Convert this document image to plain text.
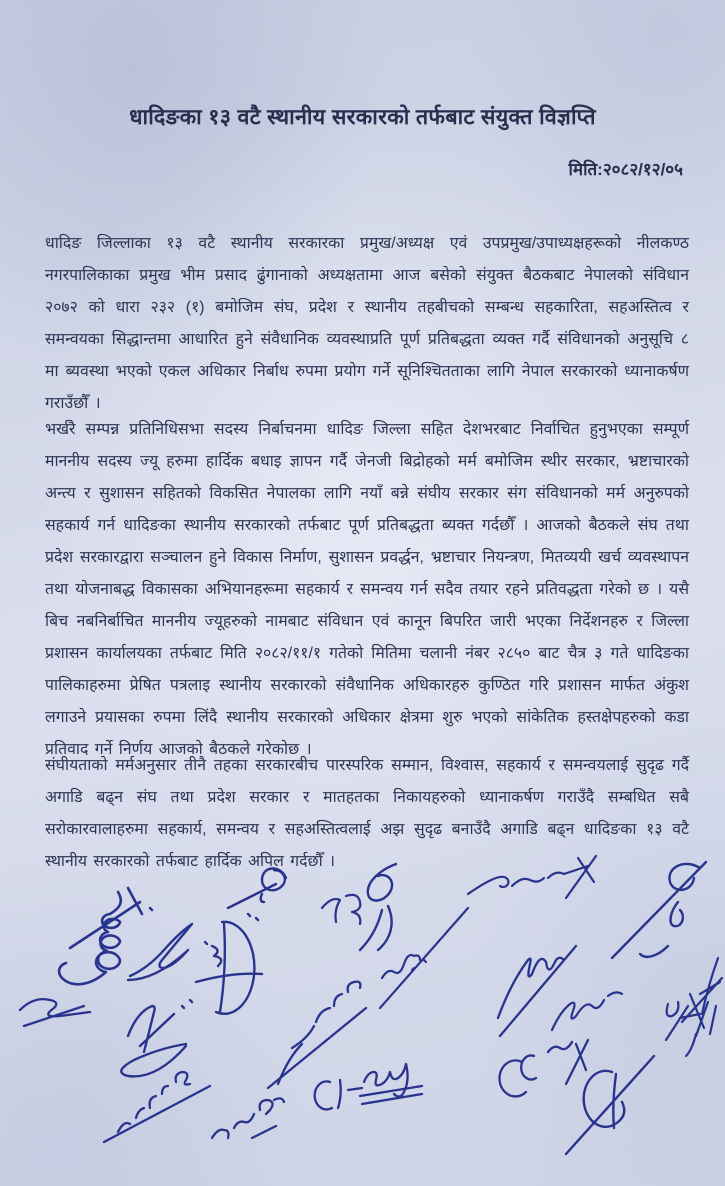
धादिङका १३ वटै स्थानीय सरकारको तर्फबाट संयुक्त विज्ञप्ति
मिति:२०८२/१२/०५

धादिङ जिल्लाका १३ वटै स्थानीय सरकारका प्रमुख/अध्यक्ष एवं उपप्रमुख/उपाध्यक्षहरूको नीलकण्ठ नगरपालिकाका प्रमुख भीम प्रसाद ढुंगानाको अध्यक्षतामा आज बसेको संयुक्त बैठकबाट नेपालको संविधान २०७२ को धारा २३२ (१) बमोजिम संघ, प्रदेश र स्थानीय तहबीचको सम्बन्ध सहकारिता, सहअस्तित्व र समन्वयका सिद्धान्तमा आधारित हुने संवैधानिक व्यवस्थाप्रति पूर्ण प्रतिबद्धता व्यक्त गर्दै संविधानको अनुसूचि ८ मा ब्यवस्था भएको एकल अधिकार निर्बाध रुपमा प्रयोग गर्ने सूनिश्चितताका लागि नेपाल सरकारको ध्यानाकर्षण गराउँछौँ ।

भर्खरै सम्पन्न प्रतिनिधिसभा सदस्य निर्बाचनमा धादिङ जिल्ला सहित देशभरबाट निर्वाचित हुनुभएका सम्पूर्ण माननीय सदस्य ज्यू हरुमा हार्दिक बधाइ ज्ञापन गर्दै जेनजी बिद्रोहको मर्म बमोजिम स्थीर सरकार, भ्रष्टाचारको अन्त्य र सुशासन सहितको विकसित नेपालका लागि नयाँ बन्ने संघीय सरकार संग संविधानको मर्म अनुरुपको सहकार्य गर्न धादिङका स्थानीय सरकारको तर्फबाट पूर्ण प्रतिबद्धता ब्यक्त गर्दछौँ । आजको बैठकले संघ तथा प्रदेश सरकारद्वारा सञ्चालन हुने विकास निर्माण, सुशासन प्रवर्द्धन, भ्रष्टाचार नियन्त्रण, मितव्ययी खर्च व्यवस्थापन तथा योजनाबद्ध विकासका अभियानहरूमा सहकार्य र समन्वय गर्न सदैव तयार रहने प्रतिवद्धता गरेको छ । यसै बिच नबनिर्बाचित माननीय ज्यूहरुको नामबाट संविधान एवं कानून बिपरित जारी भएका निर्देशनहरु र जिल्ला प्रशासन कार्यालयका तर्फबाट मिति २०८२/११/१ गतेको मितिमा चलानी नंबर २८५० बाट चैत्र ३ गते धादिङका पालिकाहरुमा प्रेषित पत्रलाइ स्थानीय सरकारको संवैधानिक अधिकारहरु कुण्ठित गरि प्रशासन मार्फत अंकुश लगाउने प्रयासका रुपमा लिंदै स्थानीय सरकारको अधिकार क्षेत्रमा शुरु भएको सांकेतिक हस्तक्षेपहरुको कडा प्रतिवाद गर्ने निर्णय आजको बैठकले गरेकोछ ।

संघीयताको मर्मअनुसार तीनै तहका सरकारबीच पारस्परिक सम्मान, विश्वास, सहकार्य र समन्वयलाई सुदृढ गर्दै अगाडि बढ्न संघ तथा प्रदेश सरकार र मातहतका निकायहरुको ध्यानाकर्षण गराउँदै सम्बधित सबै सरोकारवालाहरुमा सहकार्य, समन्वय र सहअस्तित्वलाई अझ सुदृढ बनाउँदै अगाडि बढ्न धादिङका १३ वटै स्थानीय सरकारको तर्फबाट हार्दिक अपिल गर्दछौँ ।
